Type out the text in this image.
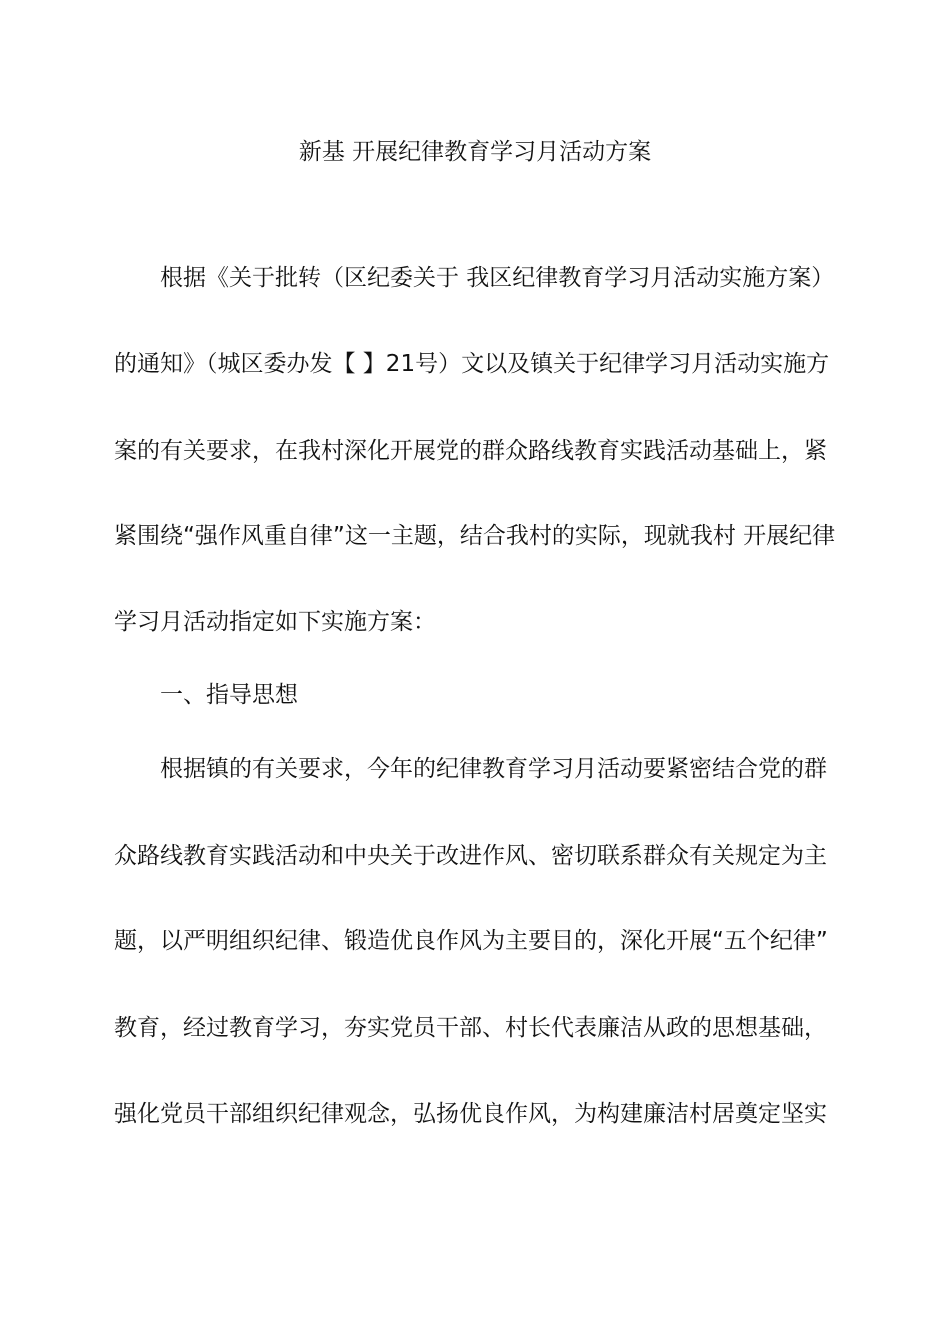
新基 开展纪律教育学习月活动方案
根据《关于批转（区纪委关于 我区纪律教育学习月活动实施方案）
的通知》（城区委办发【 】21号）文以及镇关于纪律学习月活动实施方
案的有关要求，在我村深化开展党的群众路线教育实践活动基础上，紧
紧围绕“强作风重自律”这一主题，结合我村的实际，现就我村 开展纪律
学习月活动指定如下实施方案：
一、指导思想
根据镇的有关要求，今年的纪律教育学习月活动要紧密结合党的群
众路线教育实践活动和中央关于改进作风、密切联系群众有关规定为主
题，以严明组织纪律、锻造优良作风为主要目的，深化开展“五个纪律”
教育，经过教育学习，夯实党员干部、村长代表廉洁从政的思想基础，
强化党员干部组织纪律观念，弘扬优良作风，为构建廉洁村居奠定坚实
